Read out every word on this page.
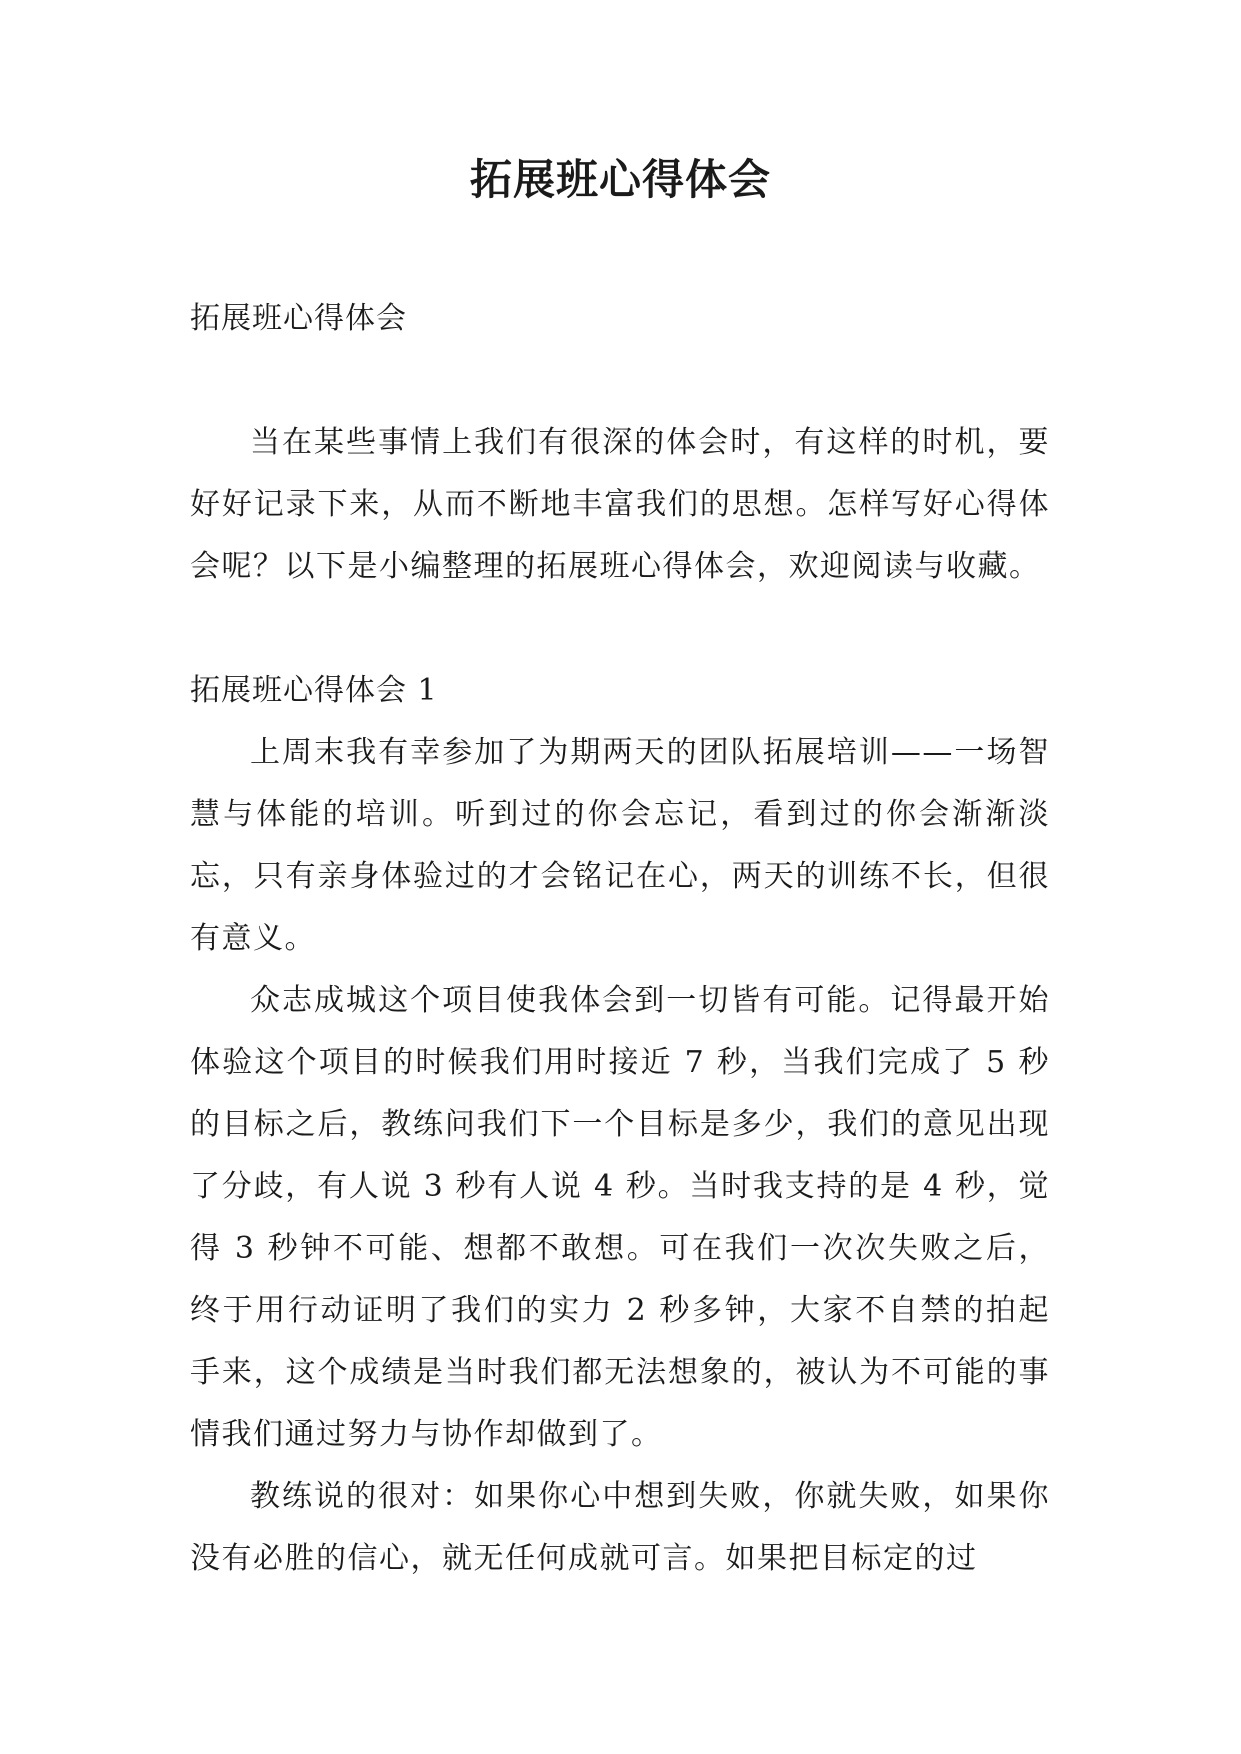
拓展班心得体会

拓展班心得体会

当在某些事情上我们有很深的体会时，有这样的时机，要好好记录下来，从而不断地丰富我们的思想。怎样写好心得体会呢？以下是小编整理的拓展班心得体会，欢迎阅读与收藏。

拓展班心得体会 1

上周末我有幸参加了为期两天的团队拓展培训——一场智慧与体能的培训。听到过的你会忘记，看到过的你会渐渐淡忘，只有亲身体验过的才会铭记在心，两天的训练不长，但很有意义。

众志成城这个项目使我体会到一切皆有可能。记得最开始体验这个项目的时候我们用时接近 7 秒，当我们完成了 5 秒的目标之后，教练问我们下一个目标是多少，我们的意见出现了分歧，有人说 3 秒有人说 4 秒。当时我支持的是 4 秒，觉得 3 秒钟不可能、想都不敢想。可在我们一次次失败之后，终于用行动证明了我们的实力 2 秒多钟，大家不自禁的拍起手来，这个成绩是当时我们都无法想象的，被认为不可能的事情我们通过努力与协作却做到了。

教练说的很对：如果你心中想到失败，你就失败，如果你没有必胜的信心，就无任何成就可言。如果把目标定的过
